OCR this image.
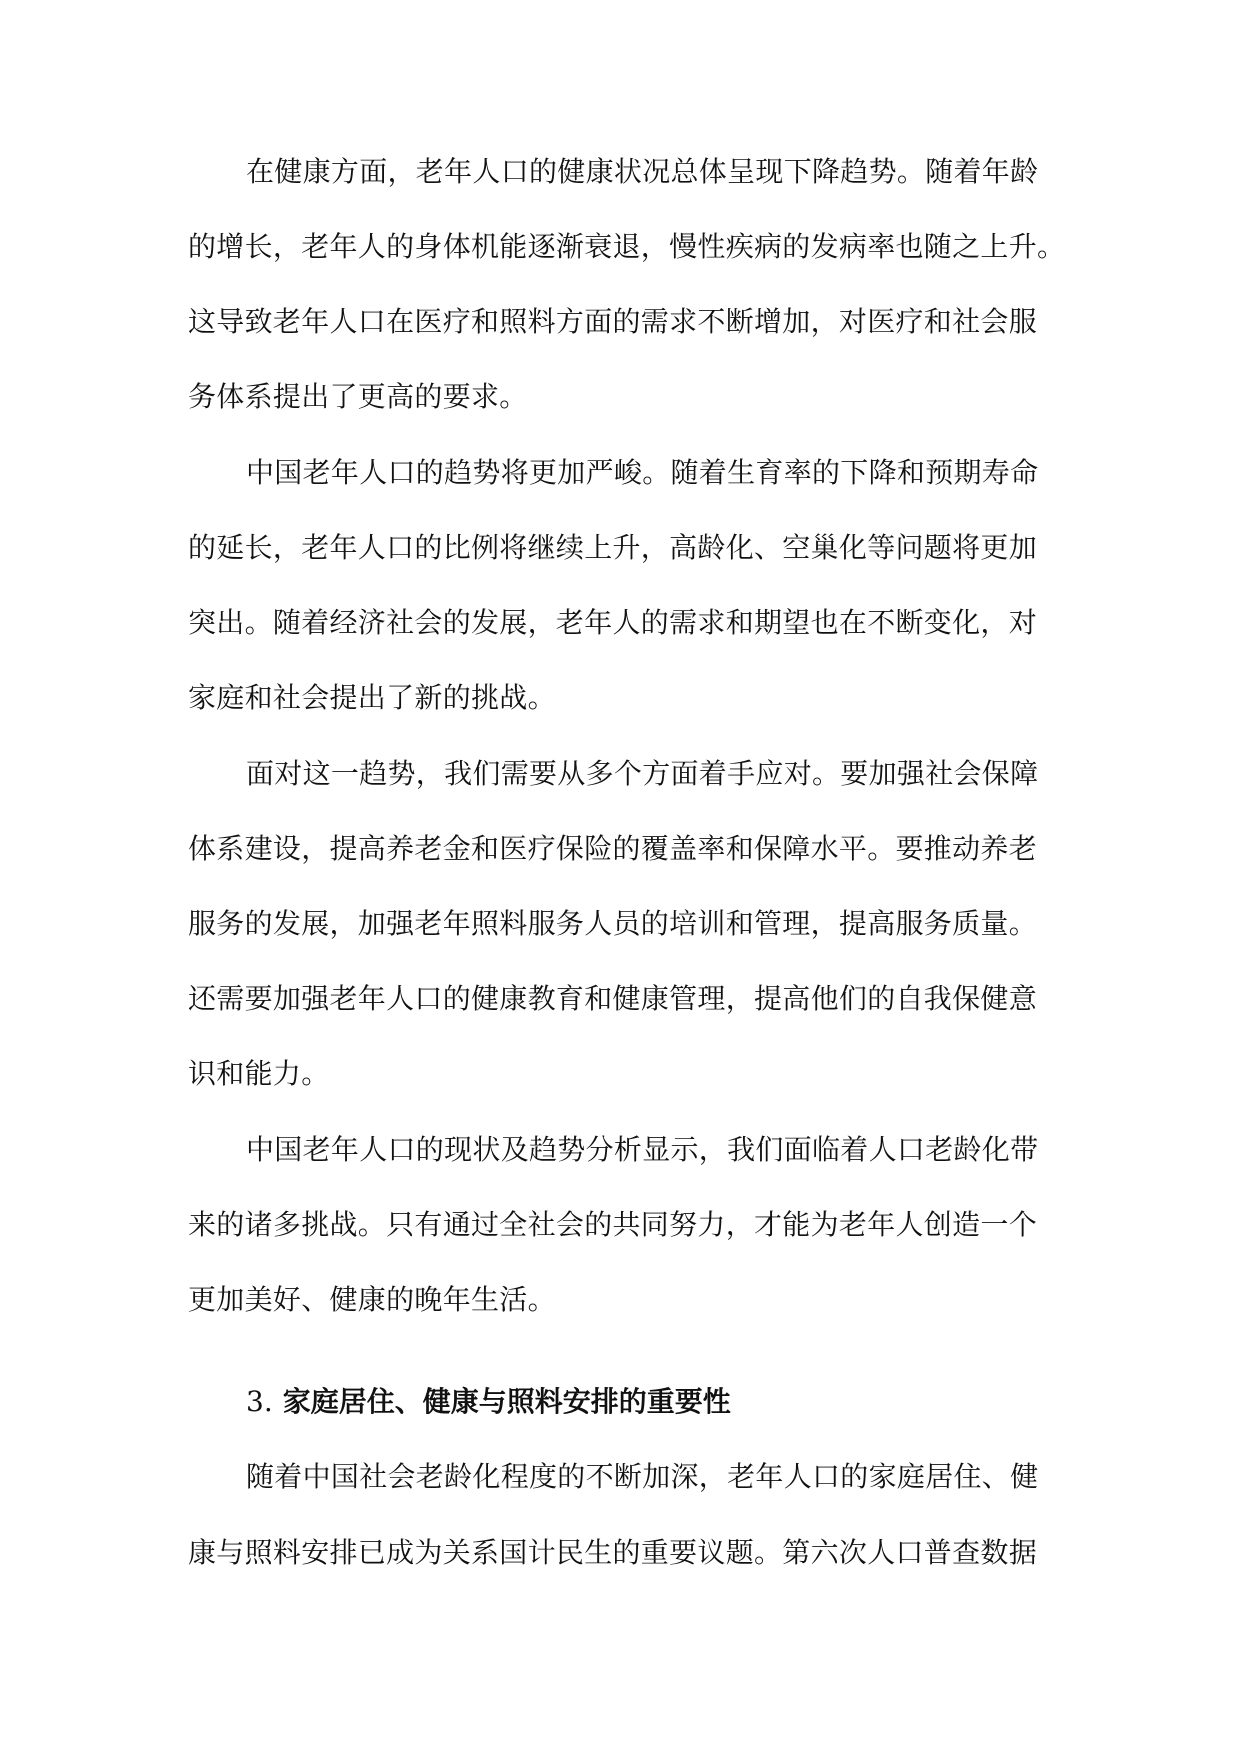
在健康方面，老年人口的健康状况总体呈现下降趋势。随着年龄
的增长，老年人的身体机能逐渐衰退，慢性疾病的发病率也随之上升。
这导致老年人口在医疗和照料方面的需求不断增加，对医疗和社会服
务体系提出了更高的要求。
中国老年人口的趋势将更加严峻。随着生育率的下降和预期寿命
的延长，老年人口的比例将继续上升，高龄化、空巢化等问题将更加
突出。随着经济社会的发展，老年人的需求和期望也在不断变化，对
家庭和社会提出了新的挑战。
面对这一趋势，我们需要从多个方面着手应对。要加强社会保障
体系建设，提高养老金和医疗保险的覆盖率和保障水平。要推动养老
服务的发展，加强老年照料服务人员的培训和管理，提高服务质量。
还需要加强老年人口的健康教育和健康管理，提高他们的自我保健意
识和能力。
中国老年人口的现状及趋势分析显示，我们面临着人口老龄化带
来的诸多挑战。只有通过全社会的共同努力，才能为老年人创造一个
更加美好、健康的晚年生活。
3. 家庭居住、健康与照料安排的重要性
随着中国社会老龄化程度的不断加深，老年人口的家庭居住、健
康与照料安排已成为关系国计民生的重要议题。第六次人口普查数据
